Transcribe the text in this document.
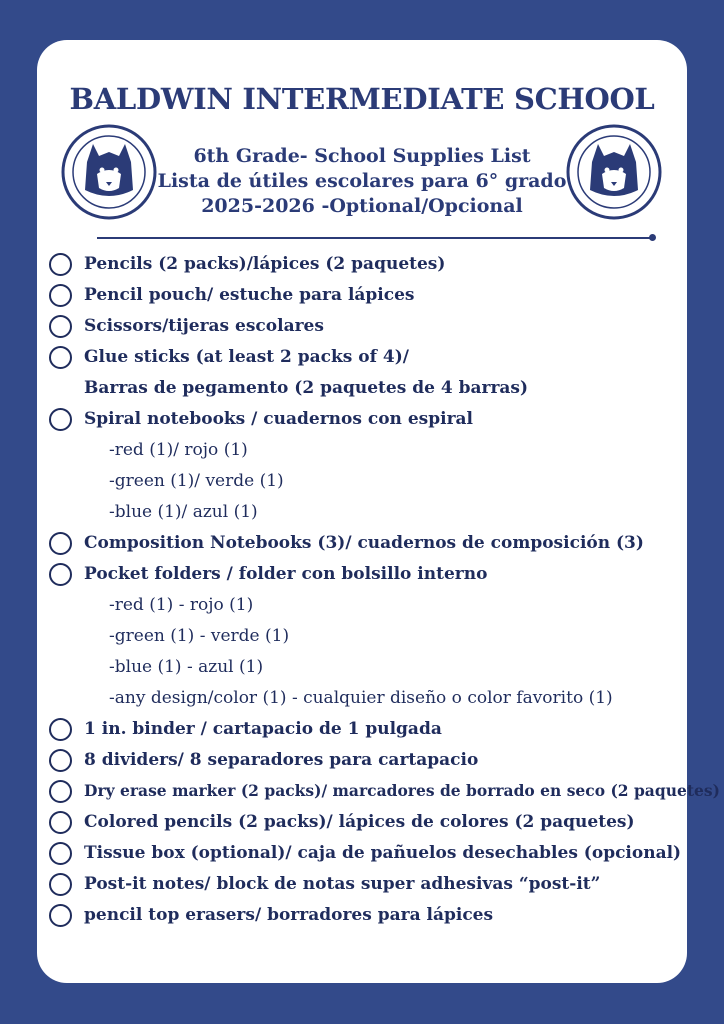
BALDWIN INTERMEDIATE SCHOOL
6th Grade- School Supplies List
Lista de útiles escolares para 6° grado
2025-2026 -Optional/Opcional
Pencils (2 packs)/lápices (2 paquetes)
Pencil pouch/ estuche para lápices
Scissors/tijeras escolares
Glue sticks (at least 2 packs of 4)/
Barras de pegamento (2 paquetes de 4 barras)
Spiral notebooks / cuadernos con espiral
-red (1)/ rojo (1)
-green (1)/ verde (1)
-blue (1)/ azul (1)
Composition Notebooks (3)/ cuadernos de composición (3)
Pocket folders / folder con bolsillo interno
-red (1) - rojo (1)
-green (1) - verde (1)
-blue (1) - azul (1)
-any design/color (1) - cualquier diseño o color favorito (1)
1 in. binder / cartapacio de 1 pulgada
8 dividers/ 8 separadores para cartapacio
Dry erase marker (2 packs)/ marcadores de borrado en seco (2 paquetes)
Colored pencils (2 packs)/ lápices de colores (2 paquetes)
Tissue box (optional)/ caja de pañuelos desechables (opcional)
Post-it notes/ block de notas super adhesivas “post-it”
pencil top erasers/ borradores para lápices
